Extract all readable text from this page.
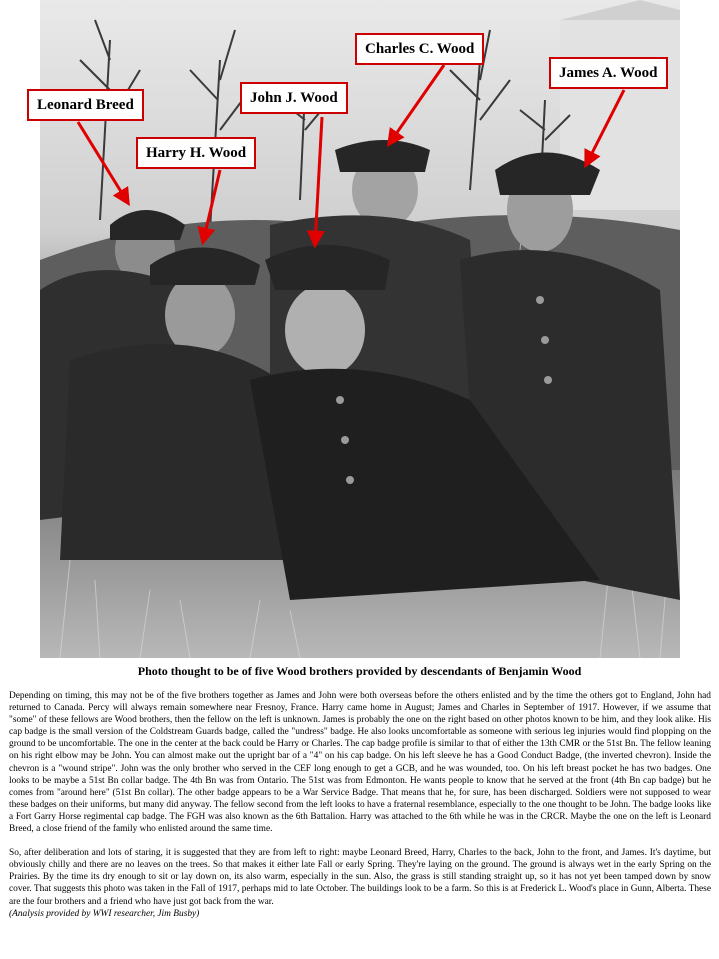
Leonard Breed
Harry H. Wood
John J. Wood
Charles C. Wood
James A. Wood
Photo thought to be of five Wood brothers provided by descendants of Benjamin Wood

Depending on timing, this may not be of the five brothers together as James and John were both overseas before the others enlisted and by the time the others got to England, John had returned to Canada. Percy will always remain somewhere near Fresnoy, France. Harry came home in August; James and Charles in September of 1917. However, if we assume that "some" of these fellows are Wood brothers, then the fellow on the left is unknown. James is probably the one on the right based on other photos known to be him, and they look alike. His cap badge is the small version of the Coldstream Guards badge, called the "undress" badge. He also looks uncomfortable as someone with serious leg injuries would find plopping on the ground to be uncomfortable. The one in the center at the back could be Harry or Charles. The cap badge profile is similar to that of either the 13th CMR or the 51st Bn. The fellow leaning on his right elbow may be John. You can almost make out the upright bar of a "4" on his cap badge. On his left sleeve he has a Good Conduct Badge, (the inverted chevron). Inside the chevron is a "wound stripe". John was the only brother who served in the CEF long enough to get a GCB, and he was wounded, too. On his left breast pocket he has two badges. One looks to be maybe a 51st Bn collar badge. The 4th Bn was from Ontario. The 51st was from Edmonton. He wants people to know that he served at the front (4th Bn cap badge) but he comes from "around here" (51st Bn collar). The other badge appears to be a War Service Badge. That means that he, for sure, has been discharged. Soldiers were not supposed to wear these badges on their uniforms, but many did anyway. The fellow second from the left looks to have a fraternal resemblance, especially to the one thought to be John. The badge looks like a Fort Garry Horse regimental cap badge. The FGH was also known as the 6th Battalion. Harry was attached to the 6th while he was in the CRCR. Maybe the one on the left is Leonard Breed, a close friend of the family who enlisted around the same time.

So, after deliberation and lots of staring, it is suggested that they are from left to right: maybe Leonard Breed, Harry, Charles to the back, John to the front, and James. It's daytime, but obviously chilly and there are no leaves on the trees. So that makes it either late Fall or early Spring. They're laying on the ground. The ground is always wet in the early Spring on the Prairies. By the time its dry enough to sit or lay down on, its also warm, especially in the sun. Also, the grass is still standing straight up, so it has not yet been tamped down by snow cover. That suggests this photo was taken in the Fall of 1917, perhaps mid to late October. The buildings look to be a farm. So this is at Frederick L. Wood's place in Gunn, Alberta. These are the four brothers and a friend who have just got back from the war.
(Analysis provided by WWI researcher, Jim Busby)
